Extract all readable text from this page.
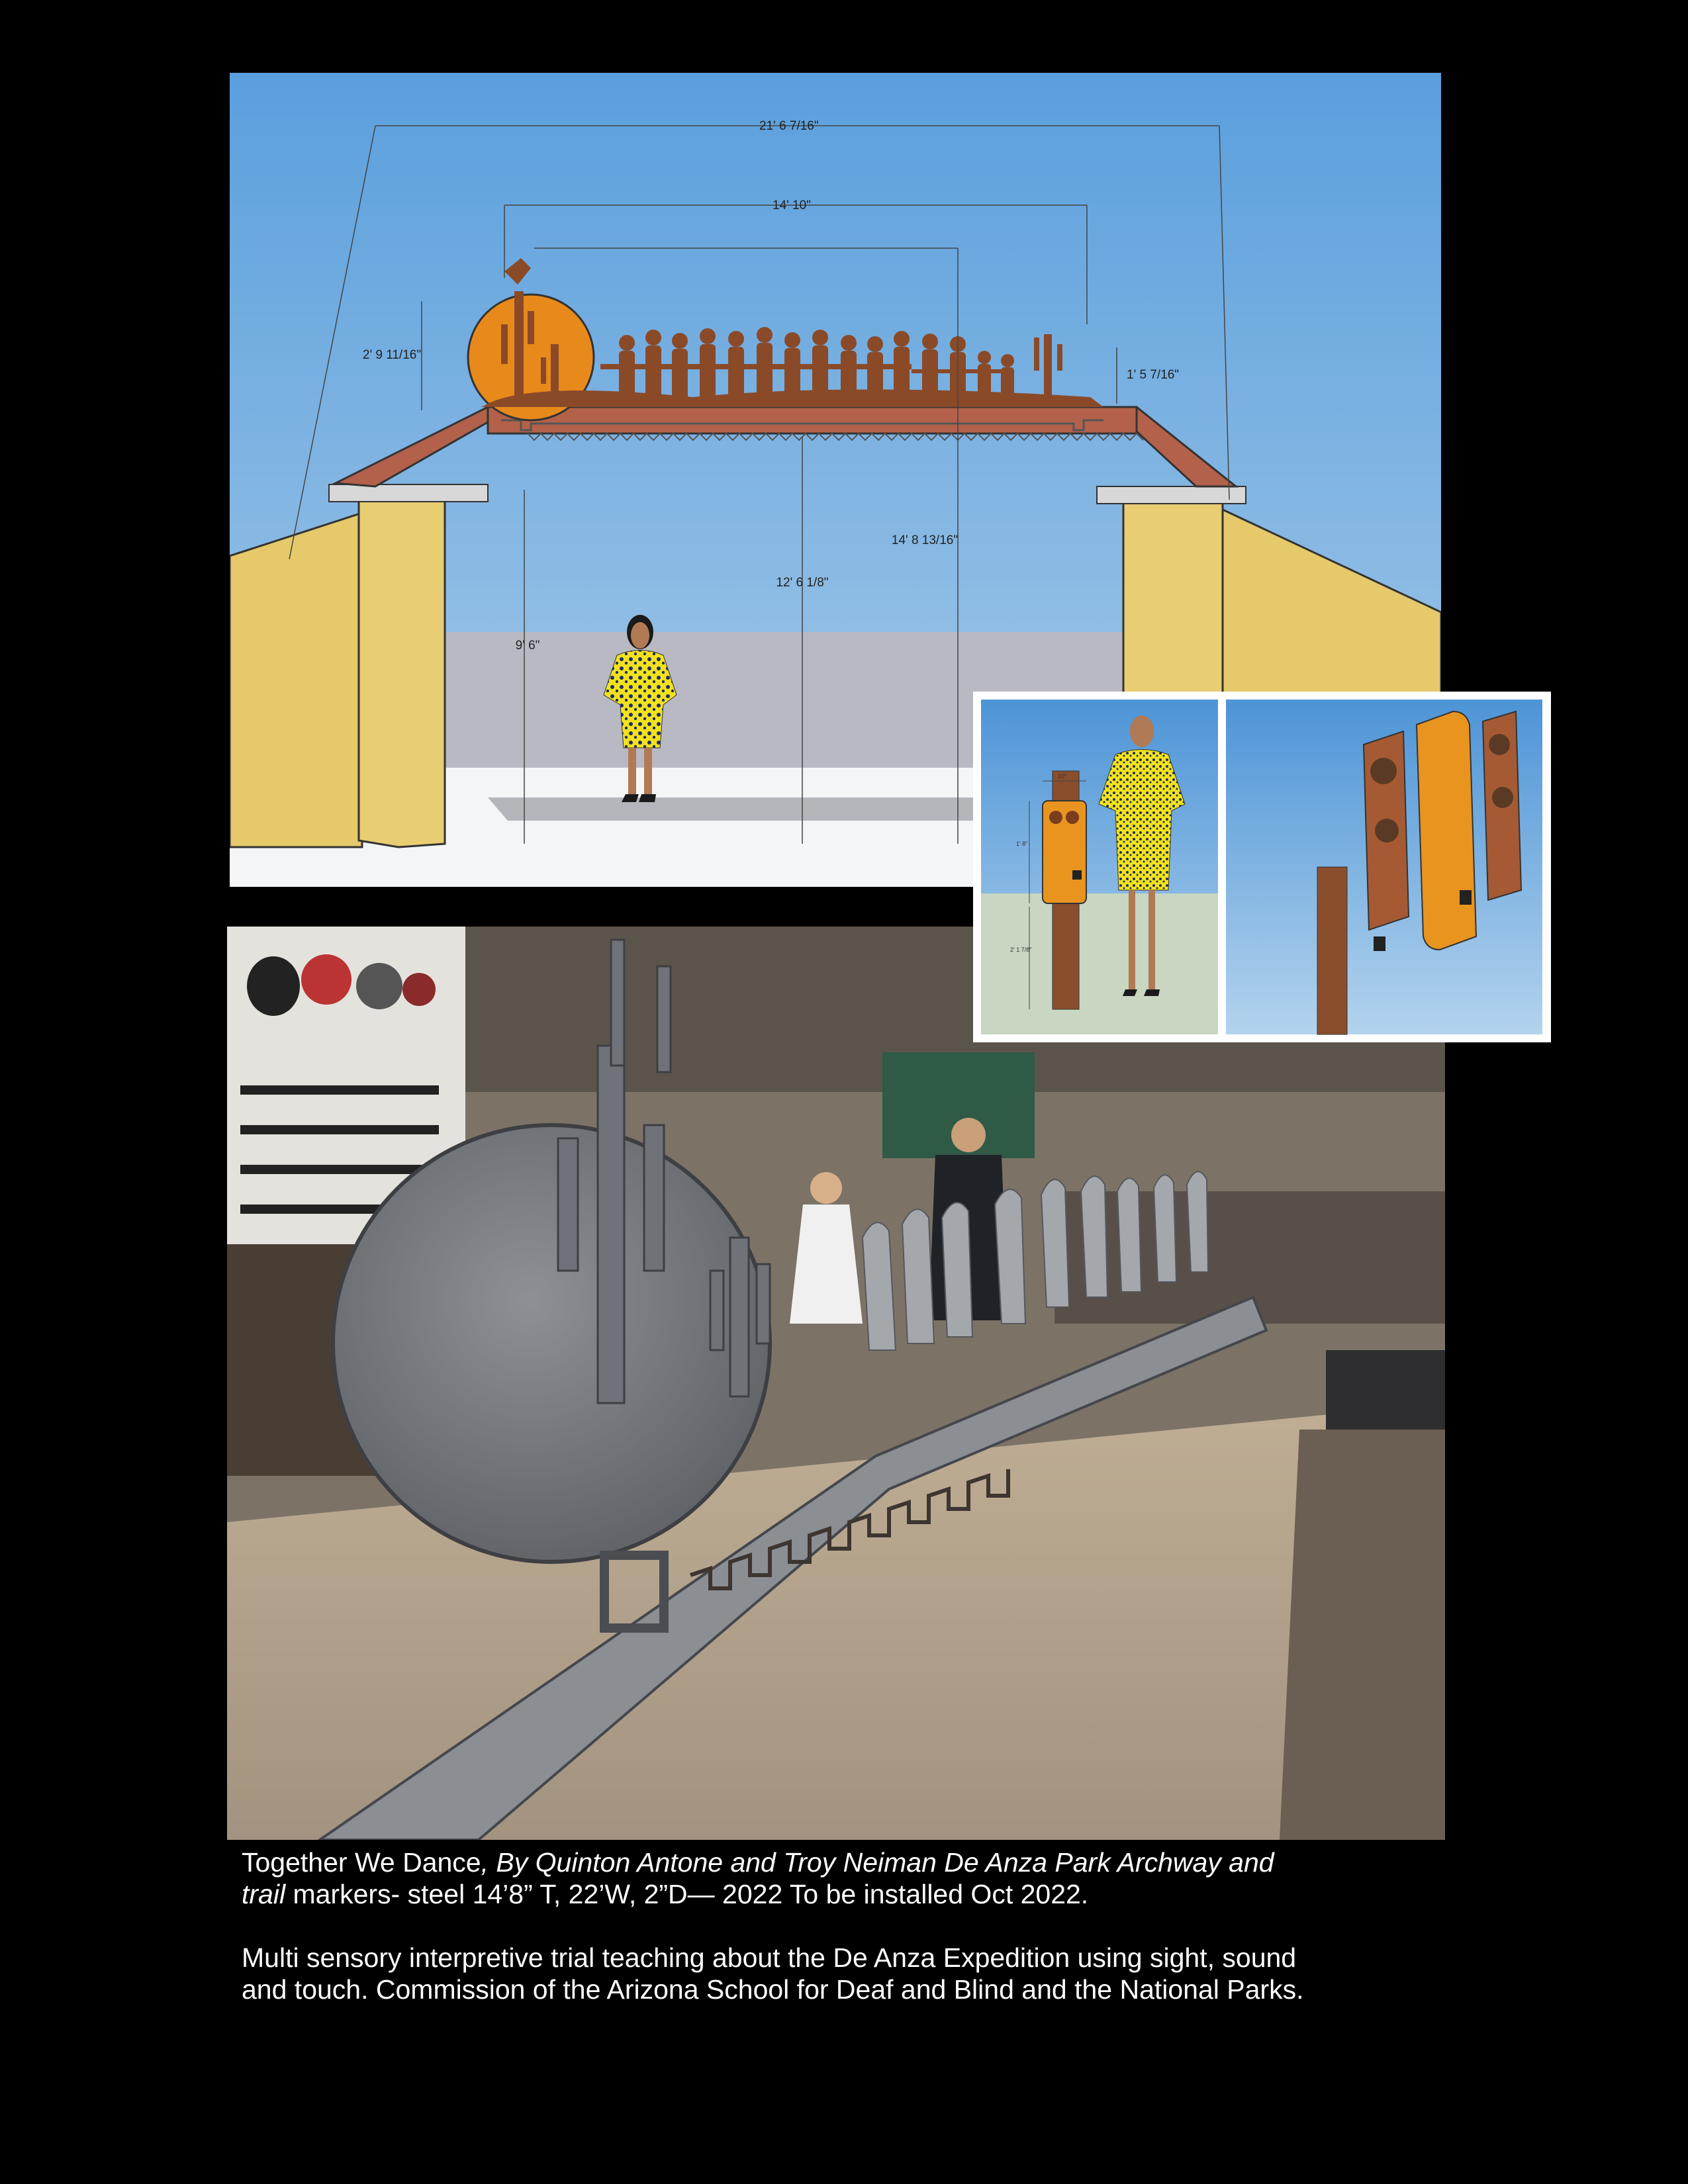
21' 6 7/16"
14' 10"
2' 9 11/16"
1' 5 7/16"
14' 8 13/16"
12' 6 1/8"
9' 6"
10"
1' 8"
2' 1 7/8"

Together We Dance, By Quinton Antone and Troy Neiman De Anza Park Archway and

trail markers- steel 14’8” T, 22’W, 2”D— 2022 To be installed Oct 2022.

Multi sensory interpretive trial teaching about the De Anza Expedition using sight, sound

and touch. Commission of the Arizona School for Deaf and Blind and the National Parks.
